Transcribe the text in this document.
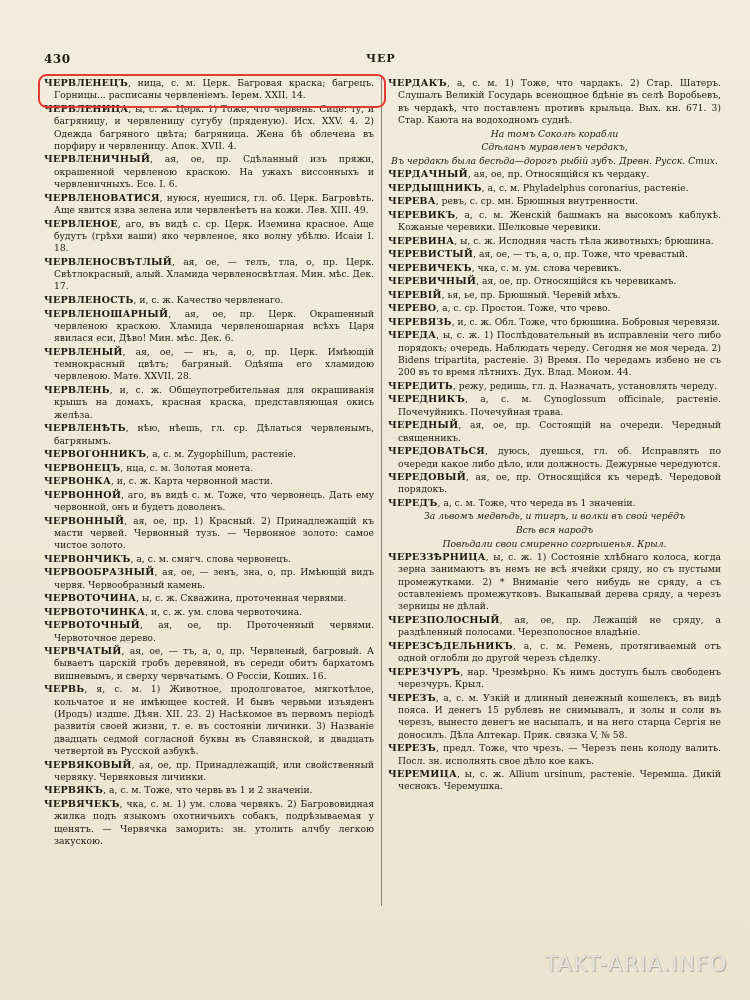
430	ЧЕР
ЧЕРВЛЕНЕЦЪ, ница, с. м. Церк. Багровая краска; багрецъ. Горницы... расписаны червленіемъ. Iерем. XXII. 14.
ЧЕРВЛЕНИЦА, ы, с. ж. Церк. 1) Тоже, что червень. Сице: ту, и багряницу, и червленицу сугубу (пряденую). Исх. XXV. 4. 2) Одежда багряного цвѣта; багряница. Жена бѣ облечена въ порфиру и червленицу. Апок. XVII. 4.
ЧЕРВЛЕНИЧНЫЙ, ая, ое, пр. Сдѣланный изъ пряжи, окрашенной червленою краскою. На ужахъ виссонныхъ и червленичныхъ. Есѳ. I. 6.
ЧЕРВЛЕНОВАТИСЯ, нуюся, нуешися, гл. об. Церк. Багровѣть. Аще явится язва зелена или червленѣетъ на кожи. Лев. XIII. 49.
ЧЕРВЛЕНОЕ, аго, въ видѣ с. ср. Церк. Иземина красное. Аще будутъ (грѣхи ваши) яко червленое, яко волну убѣлю. Исаiи I. 18.
ЧЕРВЛЕНОСВѢТЛЫЙ, ая, ое, — телъ, тла, о, пр. Церк. Свѣтлокрасный, алый. Хламида червленосвѣтлая. Мин. мѣс. Дек. 17.
ЧЕРВЛЕНОСТЬ, и, с. ж. Качество червленаго.
ЧЕРВЛЕНОШАРНЫЙ, ая, ое, пр. Церк. Окрашенный червленою краскою. Хламида червленошарная всѣхъ Царя явилася еси, Дѣво! Мин. мѣс. Дек. 6.
ЧЕРВЛЕНЫЙ, ая, ое, — нъ, а, о, пр. Церк. Имѣющій темнокрасный цвѣтъ; багряный. Одѣяша его хламидою червленою. Матѳ. XXVII. 28.
ЧЕРВЛЕНЬ, и, с. ж. Общеупотребительная для окрашиванія крышъ на домахъ, красная краска, представляющая окись желѣза.
ЧЕРВЛЕНѢТЬ, нѣю, нѣешь, гл. ср. Дѣлаться червленымъ, багрянымъ.
ЧЕРВОГОННИКЪ, а, с. м. Zygophillum, растеніе.
ЧЕРВОНЕЦЪ, нца, с. м. Золотая монета.
ЧЕРВОНКА, и, с. ж. Карта червонной масти.
ЧЕРВОННОЙ, аго, въ видѣ с. м. Тоже, что червонецъ. Дать ему червонной, онъ и будетъ доволенъ.
ЧЕРВОННЫЙ, ая, ое, пр. 1) Красный. 2) Принадлежащій къ масти червей. Червонный тузъ. — Червонное золото: самое чистое золото.
ЧЕРВОНЧИКЪ, а, с. м. смягч. слова червонецъ.
ЧЕРВООБРАЗНЫЙ, ая, ое, — зенъ, зна, о, пр. Имѣющій видъ червя. Червообразный камень.
ЧЕРВОТОЧИНА, ы, с. ж. Скважина, проточенная червями.
ЧЕРВОТОЧИНКА, и, с. ж. ум. слова червоточина.
ЧЕРВОТОЧНЫЙ, ая, ое, пр. Проточенный червями. Червоточное дерево.
ЧЕРВЧАТЫЙ, ая, ое, — тъ, а, о, пр. Червленый, багровый. А бываетъ царскій гробъ деревяной, въ середи обитъ бархатомъ вишневымъ, и сверху червчатымъ. О Россiи, Коших. 16.
ЧЕРВЬ, я, с. м. 1) Животное, продолговатое, мягкотѣлое, кольчатое и не имѣющее костей. И бывъ червьми изъяденъ (Иродъ) издше. Дѣян. XII. 23. 2) Насѣкомое въ первомъ періодѣ развитія своей жизни, т. е. въ состояніи личинки. 3) Названіе двадцать седмой согласной буквы въ Славянской, и двадцать четвертой въ Русской азбукѣ.
ЧЕРВЯКОВЫЙ, ая, ое, пр. Принадлежащій, или свойственный червяку. Червяковыя личинки.
ЧЕРВЯКЪ, а, с. м. Тоже, что червь въ 1 и 2 значеніи.
ЧЕРВЯЧЕКЪ, чка, с. м. 1) ум. слова червякъ. 2) Багрововидная жилка подъ языкомъ охотничьихъ собакъ, подрѣзываемая у щенятъ. — Червячка заморить: зн. утолить алчбу легкою закускою.
ЧЕРДАКЪ, а, с. м. 1) Тоже, что чардакъ. 2) Стар. Шатеръ. Слушалъ Великій Государь всенощное бдѣніе въ селѣ Воробьевъ, въ чердакѣ, что поставленъ противъ крыльца. Вых. кн. 671. 3) Стар. Каюта на водоходномъ суднѣ.
На томъ Соколѣ корабли
Сдѣланъ муравленъ чердакъ,
Въ чердакѣ была бесѣда—дорогъ рыбій зубъ. Древн. Русск. Стих.
ЧЕРДАЧНЫЙ, ая, ое, пр. Относящійся къ чердаку.
ЧЕРДЫЩНИКЪ, а, с. м. Phyladelphus coronarius, растеніе.
ЧЕРЕВА, ревъ, с. ср. мн. Брюшныя внутренности.
ЧЕРЕВИКЪ, а, с. м. Женскій башмакъ на высокомъ каблукѣ. Кожаные черевики. Шелковые черевики.
ЧЕРЕВИНА, ы, с. ж. Исподняя часть тѣла животныхъ; брюшина.
ЧЕРЕВИСТЫЙ, ая, ое, — тъ, а, о, пр. Тоже, что чревастый.
ЧЕРЕВИЧЕКЪ, чка, с. м. ум. слова черевикъ.
ЧЕРЕВИЧНЫЙ, ая, ое, пр. Относящійся къ черевикамъ.
ЧЕРЕВІЙ, ья, ье, пр. Брюшный. Черевій мѣхъ.
ЧЕРЕВО, а, с. ср. Простон. Тоже, что чрево.
ЧЕРЕВЯЗЬ, и, с. ж. Обл. Тоже, что брюшина. Бобровыя черевязи.
ЧЕРЕДА, ы, с. ж. 1) Послѣдовательный въ исправленіи чего либо порядокъ; очередь. Наблюдать череду. Сегодня не моя череда. 2) Bidens tripartita, растеніе. 3) Время. По чередамъ избено не съ 200 въ то время лѣтнихъ. Дух. Влад. Моном. 44.
ЧЕРЕДИТЬ, режу, редишь, гл. д. Назначать, установлять череду.
ЧЕРЕДНИКЪ, а, с. м. Cynoglossum officinale, растеніе. Почечуйникъ. Почечуйная трава.
ЧЕРЕДНЫЙ, ая, ое, пр. Состоящій на очереди. Чередный священникъ.
ЧЕРЕДОВАТЬСЯ, дуюсь, дуешься, гл. об. Исправлять по очереди какое либо дѣло, или должность. Дежурные чередуются.
ЧЕРЕДОВЫЙ, ая, ое, пр. Относящійся къ чередѣ. Чередовой порядокъ.
ЧЕРЕДЪ, а, с. м. Тоже, что череда въ 1 значеніи.
За львомъ медвѣдь, и тигръ, и волки въ свой черёдъ
Всѣ вся народъ
Повѣдали свои смиренно согрѣшенья. Крыл.
ЧЕРЕЗЗѢРНИЦА, ы, с. ж. 1) Состояніе хлѣбнаго колоса, когда зерна занимаютъ въ немъ не всѣ ячейки сряду, но съ пустыми промежутками. 2) * Вниманіе чего нибудь не сряду, а съ оставленіемъ промежутковъ. Выкапывай дерева сряду, а черезъ зерницы не дѣлай.
ЧЕРЕЗПОЛОСНЫЙ, ая, ое, пр. Лежащій не сряду, а раздѣленный полосами. Черезполосное владѣніе.
ЧЕРЕЗСѢДЕЛЬНИКЪ, а, с. м. Ремень, протягиваемый отъ одной оглобли до другой черезъ сѣделку.
ЧЕРЕЗЧУРЪ, нар. Чрезмѣрно. Къ нимъ доступъ былъ свободенъ черезчуръ. Крыл.
ЧЕРЕЗЪ, а, с. м. Узкій и длинный денежный кошелекъ, въ видѣ пояса. И денегъ 15 рублевъ не снимывалъ, и золы и соли въ черезъ, вынесто денегъ не насыпалъ, и на него старца Сергія не доносилъ. Дѣла Аптекар. Прик. связка V, № 58.
ЧЕРЕЗЪ, предл. Тоже, что чрезъ. — Черезъ пень колоду валить. Посл. зн. исполнять свое дѣло кое какъ.
ЧЕРЕМИЦА, ы, с. ж. Allium ursinum, растеніе. Черемша. Дикій чеснокъ. Черемушка.
TAKT-ARIA.INFO
